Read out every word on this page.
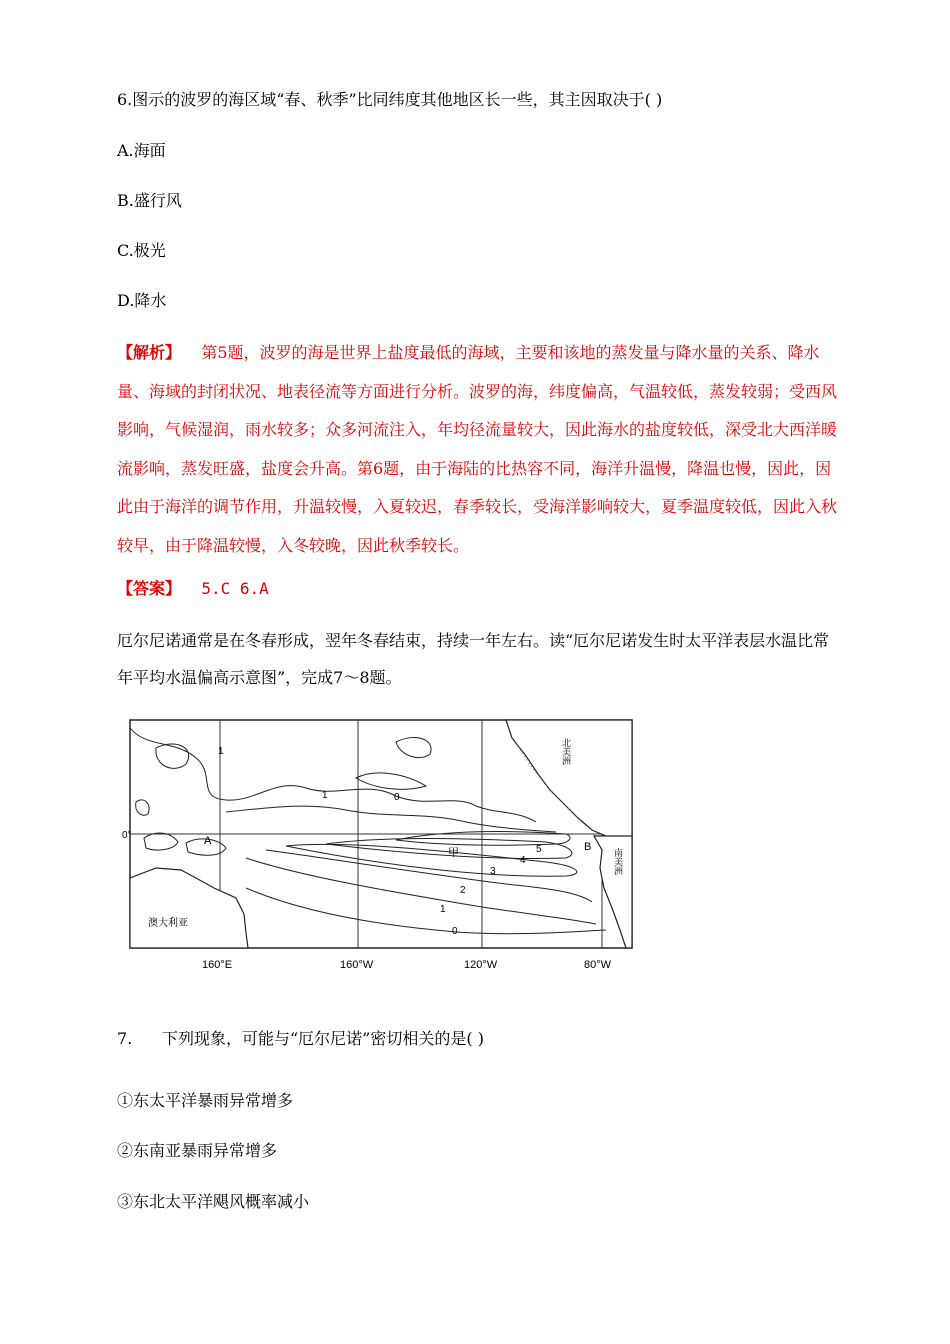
6.图示的波罗的海区域“春、秋季”比同纬度其他地区长一些，其主因取决于( )
A.海面
B.盛行风
C.极光
D.降水
【解析】 第5题，波罗的海是世界上盐度最低的海域，主要和该地的蒸发量与降水量的关系、降水量、海域的封闭状况、地表径流等方面进行分析。波罗的海，纬度偏高，气温较低，蒸发较弱；受西风影响，气候湿润，雨水较多；众多河流注入，年均径流量较大，因此海水的盐度较低，深受北大西洋暖流影响，蒸发旺盛，盐度会升高。第6题，由于海陆的比热容不同，海洋升温慢，降温也慢，因此，因此由于海洋的调节作用，升温较慢，入夏较迟，春季较长，受海洋影响较大，夏季温度较低，因此入秋较早，由于降温较慢，入冬较晚，因此秋季较长。
【答案】 5.C 6.A
厄尔尼诺通常是在冬春形成，翌年冬春结束，持续一年左右。读“厄尔尼诺发生时太平洋表层水温比常年平均水温偏高示意图”，完成7～8题。
1
1	0
5
4
3
2
1
0
0°	A	B
甲
澳大利亚
北美洲
南美洲
160°E	160°W	120°W	80°W
7. 下列现象，可能与“厄尔尼诺”密切相关的是( )
①东太平洋暴雨异常增多
②东南亚暴雨异常增多
③东北太平洋飓风概率减小
